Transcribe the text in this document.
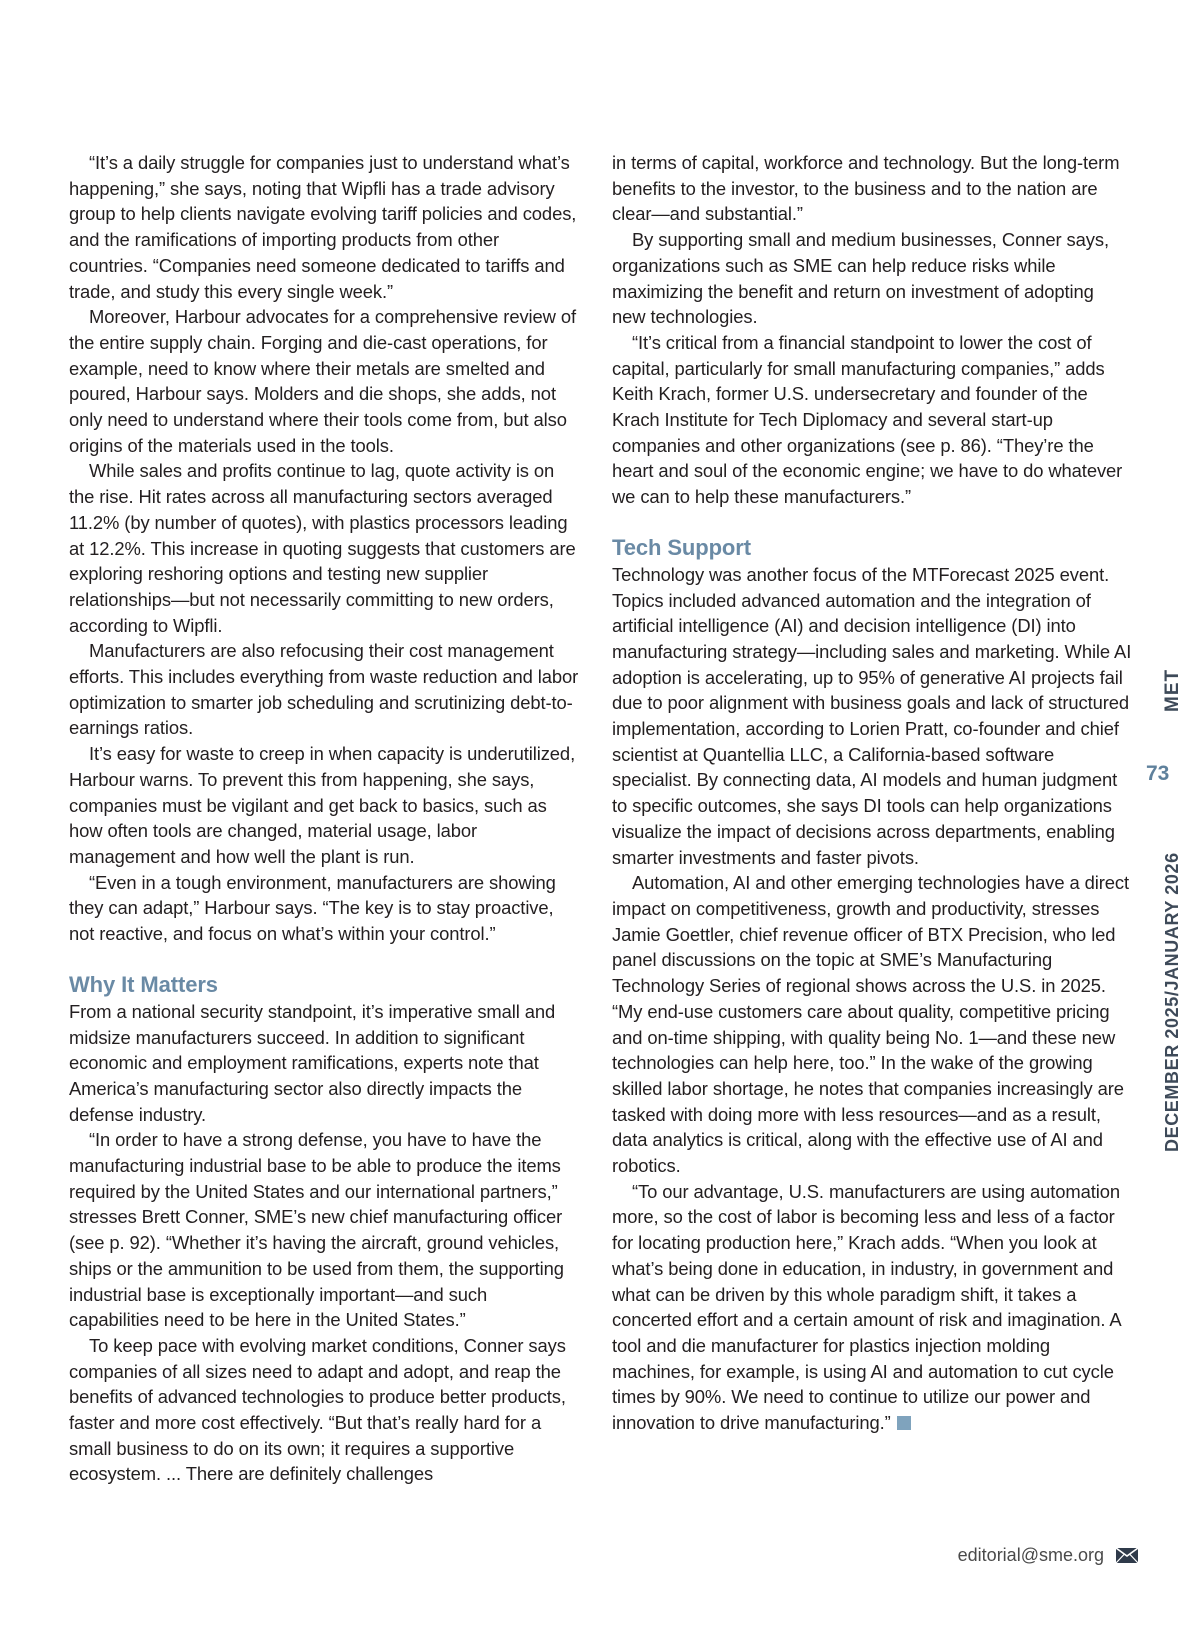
“It’s a daily struggle for companies just to understand what’s happening,” she says, noting that Wipfli has a trade advisory group to help clients navigate evolving tariff policies and codes, and the ramifications of importing products from other countries. “Companies need someone dedicated to tariffs and trade, and study this every single week.”

Moreover, Harbour advocates for a comprehensive review of the entire supply chain. Forging and die-cast operations, for example, need to know where their metals are smelted and poured, Harbour says. Molders and die shops, she adds, not only need to understand where their tools come from, but also origins of the materials used in the tools.

While sales and profits continue to lag, quote activity is on the rise. Hit rates across all manufacturing sectors averaged 11.2% (by number of quotes), with plastics processors leading at 12.2%. This increase in quoting suggests that customers are exploring reshoring options and testing new supplier relationships—but not necessarily committing to new orders, according to Wipfli.

Manufacturers are also refocusing their cost management efforts. This includes everything from waste reduction and labor optimization to smarter job scheduling and scrutinizing debt-to-earnings ratios.

It’s easy for waste to creep in when capacity is underutilized, Harbour warns. To prevent this from happening, she says, companies must be vigilant and get back to basics, such as how often tools are changed, material usage, labor management and how well the plant is run.

“Even in a tough environment, manufacturers are showing they can adapt,” Harbour says. “The key is to stay proactive, not reactive, and focus on what’s within your control.”

Why It Matters

From a national security standpoint, it’s imperative small and midsize manufacturers succeed. In addition to significant economic and employment ramifications, experts note that America’s manufacturing sector also directly impacts the defense industry.

“In order to have a strong defense, you have to have the manufacturing industrial base to be able to produce the items required by the United States and our international partners,” stresses Brett Conner, SME’s new chief manufacturing officer (see p. 92). “Whether it’s having the aircraft, ground vehicles, ships or the ammunition to be used from them, the supporting industrial base is exceptionally important—and such capabilities need to be here in the United States.”

To keep pace with evolving market conditions, Conner says companies of all sizes need to adapt and adopt, and reap the benefits of advanced technologies to produce better products, faster and more cost effectively. “But that’s really hard for a small business to do on its own; it requires a supportive ecosystem. ... There are definitely challenges

in terms of capital, workforce and technology. But the long-term benefits to the investor, to the business and to the nation are clear—and substantial.”

By supporting small and medium businesses, Conner says, organizations such as SME can help reduce risks while maximizing the benefit and return on investment of adopting new technologies.

“It’s critical from a financial standpoint to lower the cost of capital, particularly for small manufacturing companies,” adds Keith Krach, former U.S. undersecretary and founder of the Krach Institute for Tech Diplomacy and several start-up companies and other organizations (see p. 86). “They’re the heart and soul of the economic engine; we have to do whatever we can to help these manufacturers.”

Tech Support

Technology was another focus of the MTForecast 2025 event. Topics included advanced automation and the integration of artificial intelligence (AI) and decision intelligence (DI) into manufacturing strategy—including sales and marketing. While AI adoption is accelerating, up to 95% of generative AI projects fail due to poor alignment with business goals and lack of structured implementation, according to Lorien Pratt, co-founder and chief scientist at Quantellia LLC, a California-based software specialist. By connecting data, AI models and human judgment to specific outcomes, she says DI tools can help organizations visualize the impact of decisions across departments, enabling smarter investments and faster pivots.

Automation, AI and other emerging technologies have a direct impact on competitiveness, growth and productivity, stresses Jamie Goettler, chief revenue officer of BTX Precision, who led panel discussions on the topic at SME’s Manufacturing Technology Series of regional shows across the U.S. in 2025. “My end-use customers care about quality, competitive pricing and on-time shipping, with quality being No. 1—and these new technologies can help here, too.” In the wake of the growing skilled labor shortage, he notes that companies increasingly are tasked with doing more with less resources—and as a result, data analytics is critical, along with the effective use of AI and robotics.

“To our advantage, U.S. manufacturers are using automation more, so the cost of labor is becoming less and less of a factor for locating production here,” Krach adds. “When you look at what’s being done in education, in industry, in government and what can be driven by this whole paradigm shift, it takes a concerted effort and a certain amount of risk and imagination. A tool and die manufacturer for plastics injection molding machines, for example, is using AI and automation to cut cycle times by 90%. We need to continue to utilize our power and innovation to drive manufacturing.”

MET
DECEMBER 2025/JANUARY 2026
73
editorial@sme.org
